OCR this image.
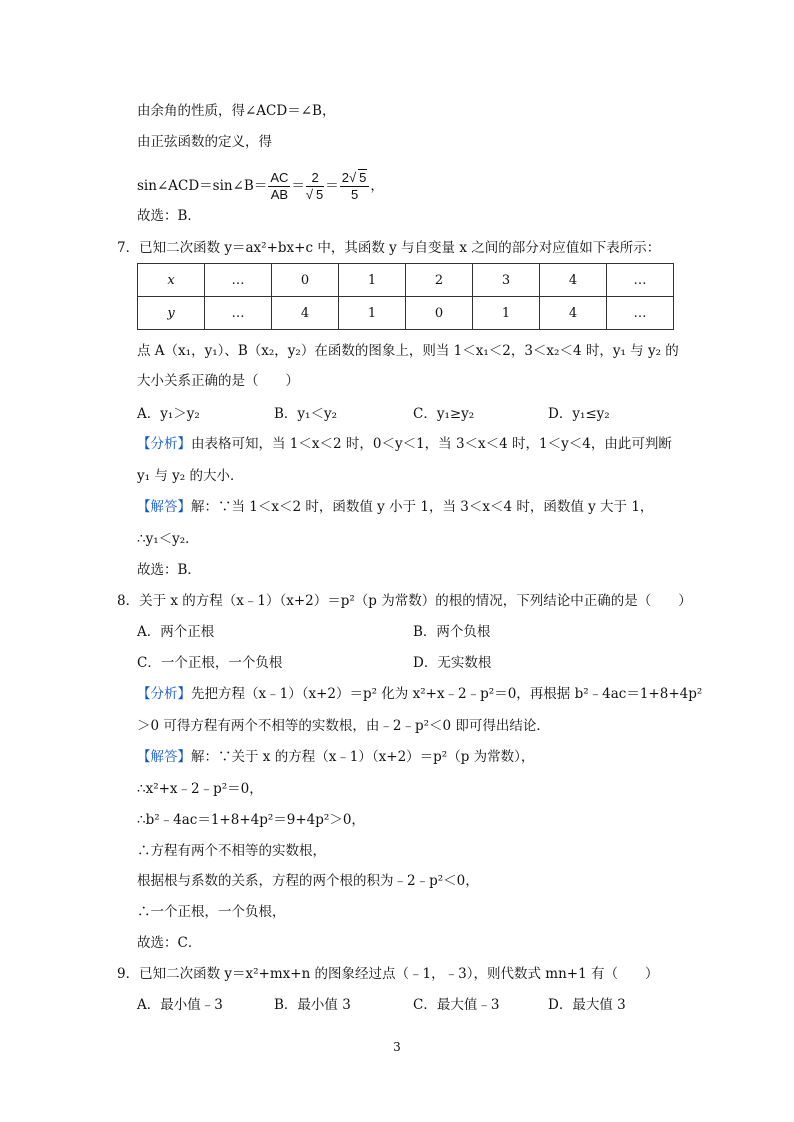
由余角的性质，得∠ACD＝∠B，
由正弦函数的定义，得
sin∠ACD＝sin∠B＝ $\frac{AC}{AB} = \frac{2}{√ 5} = \frac{2√ 5}{5}$ ，
故选：B．
7．已知二次函数 y＝ax²+bx+c 中，其函数 y 与自变量 x 之间的部分对应值如下表所示：
x	…	0	1	2	3	4	…
y	…	4	1	0	1	4	…
点 A（x₁，y₁）、B（x₂，y₂）在函数的图象上，则当 1＜x₁＜2，3＜x₂＜4 时，y₁ 与 y₂ 的
大小关系正确的是（　　）
A．y₁＞y₂	B．y₁＜y₂	C．y₁≥y₂	D．y₁≤y₂
【分析】由表格可知，当 1＜x＜2 时，0＜y＜1，当 3＜x＜4 时，1＜y＜4，由此可判断
y₁ 与 y₂ 的大小．
【解答】解：∵当 1＜x＜2 时，函数值 y 小于 1，当 3＜x＜4 时，函数值 y 大于 1，
∴y₁＜y₂．
故选：B．
8．关于 x 的方程（x﹣1）（x+2）＝p²（p 为常数）的根的情况，下列结论中正确的是（　　）
A．两个正根	B．两个负根
C．一个正根，一个负根	D．无实数根
【分析】先把方程（x﹣1）（x+2）＝p² 化为 x²+x﹣2﹣p²＝0，再根据 b²﹣4ac＝1+8+4p²
＞0 可得方程有两个不相等的实数根，由﹣2﹣p²＜0 即可得出结论．
【解答】解：∵关于 x 的方程（x﹣1）（x+2）＝p²（p 为常数），
∴x²+x﹣2﹣p²＝0，
∴b²﹣4ac＝1+8+4p²＝9+4p²＞0，
∴方程有两个不相等的实数根，
根据根与系数的关系，方程的两个根的积为﹣2﹣p²＜0，
∴一个正根，一个负根，
故选：C．
9．已知二次函数 y＝x²+mx+n 的图象经过点（﹣1，﹣3），则代数式 mn+1 有（　　）
A．最小值﹣3	B．最小值 3	C．最大值﹣3	D．最大值 3
3
